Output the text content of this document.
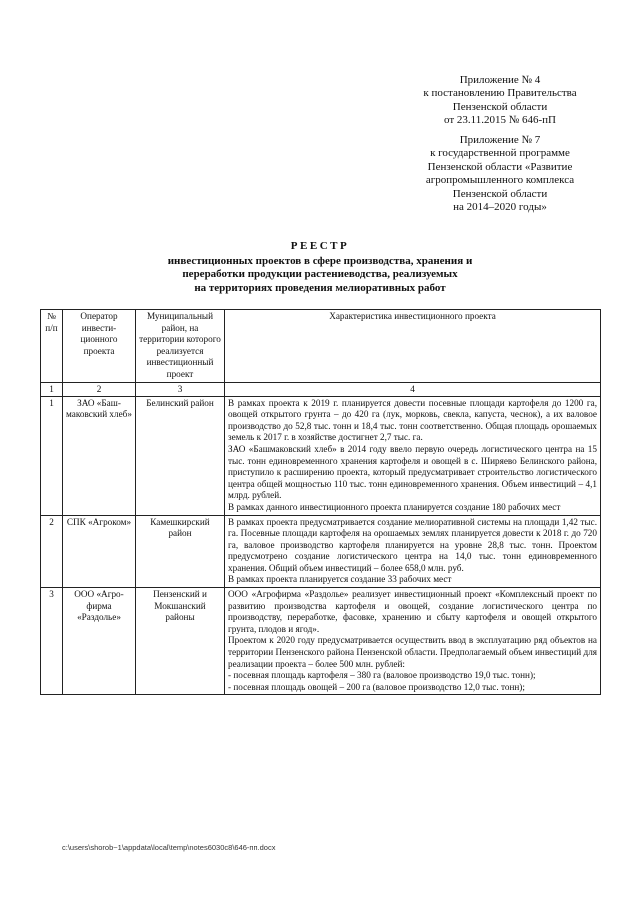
Приложение № 4
к постановлению Правительства
Пензенской области
от 23.11.2015 № 646-пП
Приложение № 7
к государственной программе
Пензенской области «Развитие
агропромышленного комплекса
Пензенской области
на 2014–2020 годы»
РЕЕСТР
инвестиционных проектов в сфере производства, хранения и
переработки продукции растениеводства, реализуемых
на территориях проведения мелиоративных работ
№ п/п	Оператор инвести-ционного проекта	Муниципальный район, на территории которого реализуется инвестиционный проект	Характеристика инвестиционного проекта
1	2	3	4
1	ЗАО «Баш-маковский хлеб»	Белинский район	В рамках проекта к 2019 г. планируется довести посевные площади картофеля до 1200 га, овощей открытого грунта – до 420 га (лук, морковь, свекла, капуста, чеснок), а их валовое производство до 52,8 тыс. тонн и 18,4 тыс. тонн соответственно. Общая площадь орошаемых земель к 2017 г. в хозяйстве достигнет 2,7 тыс. га.

ЗАО «Башмаковский хлеб» в 2014 году ввело первую очередь логистического центра на 15 тыс. тонн единовременного хранения картофеля и овощей в с. Ширяево Белинского района, приступило к расширению проекта, который предусматривает строительство логистического центра общей мощностью 110 тыс. тонн единовременного хранения. Объем инвестиций – 4,1 млрд. рублей.

В рамках данного инвестиционного проекта планируется создание 180 рабочих мест

2	СПК «Агроком»	Камешкирский район	В рамках проекта предусматривается создание мелиоративной системы на площади 1,42 тыс. га. Посевные площади картофеля на орошаемых землях планируется довести к 2018 г. до 720 га, валовое производство картофеля планируется на уровне 28,8 тыс. тонн. Проектом предусмотрено создание логистического центра на 14,0 тыс. тонн единовременного хранения. Общий объем инвестиций – более 658,0 млн. руб.

В рамках проекта планируется создание 33 рабочих мест

3	ООО «Агро-фирма «Раздолье»	Пензенский и Мокшанский районы	ООО «Агрофирма «Раздолье» реализует инвестиционный проект «Комплексный проект по развитию производства картофеля и овощей, создание логистического центра по производству, переработке, фасовке, хранению и сбыту картофеля и овощей открытого грунта, плодов и ягод».

Проектом к 2020 году предусматривается осуществить ввод в эксплуатацию ряд объектов на территории Пензенского района Пензенской области. Предполагаемый объем инвестиций для реализации проекта – более 500 млн. рублей:

- посевная площадь картофеля – 380 га (валовое производство 19,0 тыс. тонн);

- посевная площадь овощей – 200 га (валовое производство 12,0 тыс. тонн);

c:\users\shorob~1\appdata\local\temp\notes6030c8\646-пп.docx
